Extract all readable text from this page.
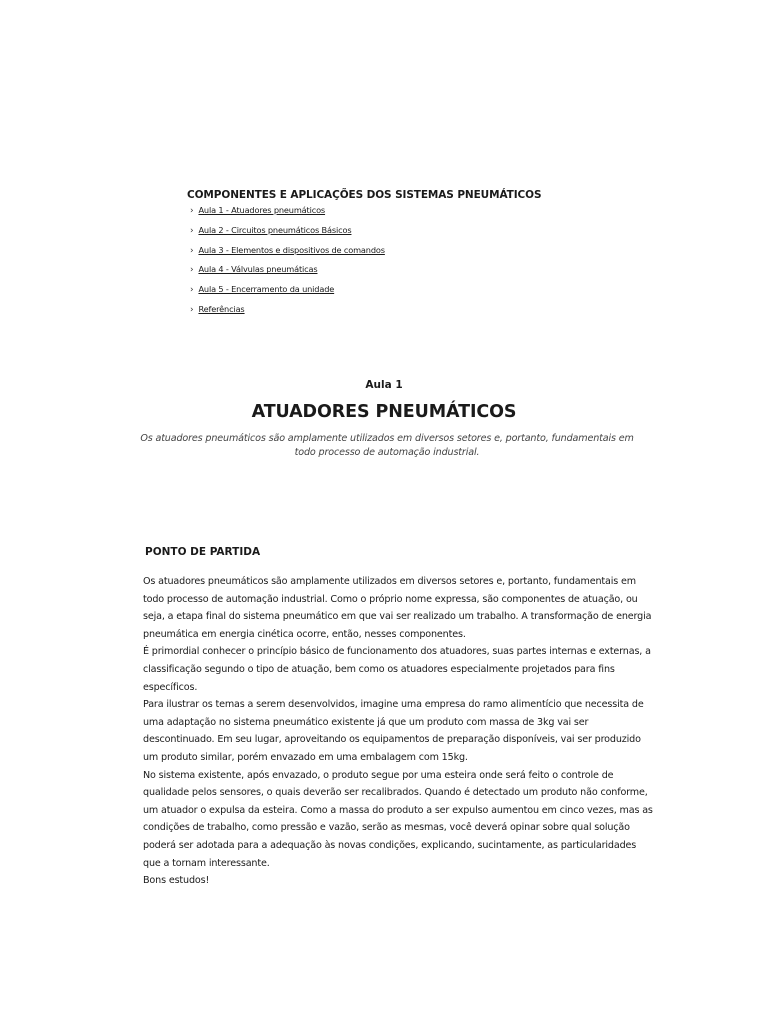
COMPONENTES E APLICAÇÕES DOS SISTEMAS PNEUMÁTICOS
› Aula 1 - Atuadores pneumáticos
› Aula 2 - Circuitos pneumáticos Básicos
› Aula 3 - Elementos e dispositivos de comandos
› Aula 4 - Válvulas pneumáticas
› Aula 5 - Encerramento da unidade
› Referências
Aula 1
ATUADORES PNEUMÁTICOS

Os atuadores pneumáticos são amplamente utilizados em diversos setores e, portanto, fundamentais em todo processo de automação industrial.

PONTO DE PARTIDA

Os atuadores pneumáticos são amplamente utilizados em diversos setores e, portanto, fundamentais em todo processo de automação industrial. Como o próprio nome expressa, são componentes de atuação, ou seja, a etapa final do sistema pneumático em que vai ser realizado um trabalho. A transformação de energia pneumática em energia cinética ocorre, então, nesses componentes.

É primordial conhecer o princípio básico de funcionamento dos atuadores, suas partes internas e externas, a classificação segundo o tipo de atuação, bem como os atuadores especialmente projetados para fins específicos.

Para ilustrar os temas a serem desenvolvidos, imagine uma empresa do ramo alimentício que necessita de uma adaptação no sistema pneumático existente já que um produto com massa de 3kg vai ser descontinuado. Em seu lugar, aproveitando os equipamentos de preparação disponíveis, vai ser produzido um produto similar, porém envazado em uma embalagem com 15kg.

No sistema existente, após envazado, o produto segue por uma esteira onde será feito o controle de qualidade pelos sensores, o quais deverão ser recalibrados. Quando é detectado um produto não conforme, um atuador o expulsa da esteira. Como a massa do produto a ser expulso aumentou em cinco vezes, mas as condições de trabalho, como pressão e vazão, serão as mesmas, você deverá opinar sobre qual solução poderá ser adotada para a adequação às novas condições, explicando, sucintamente, as particularidades que a tornam interessante.

Bons estudos!
